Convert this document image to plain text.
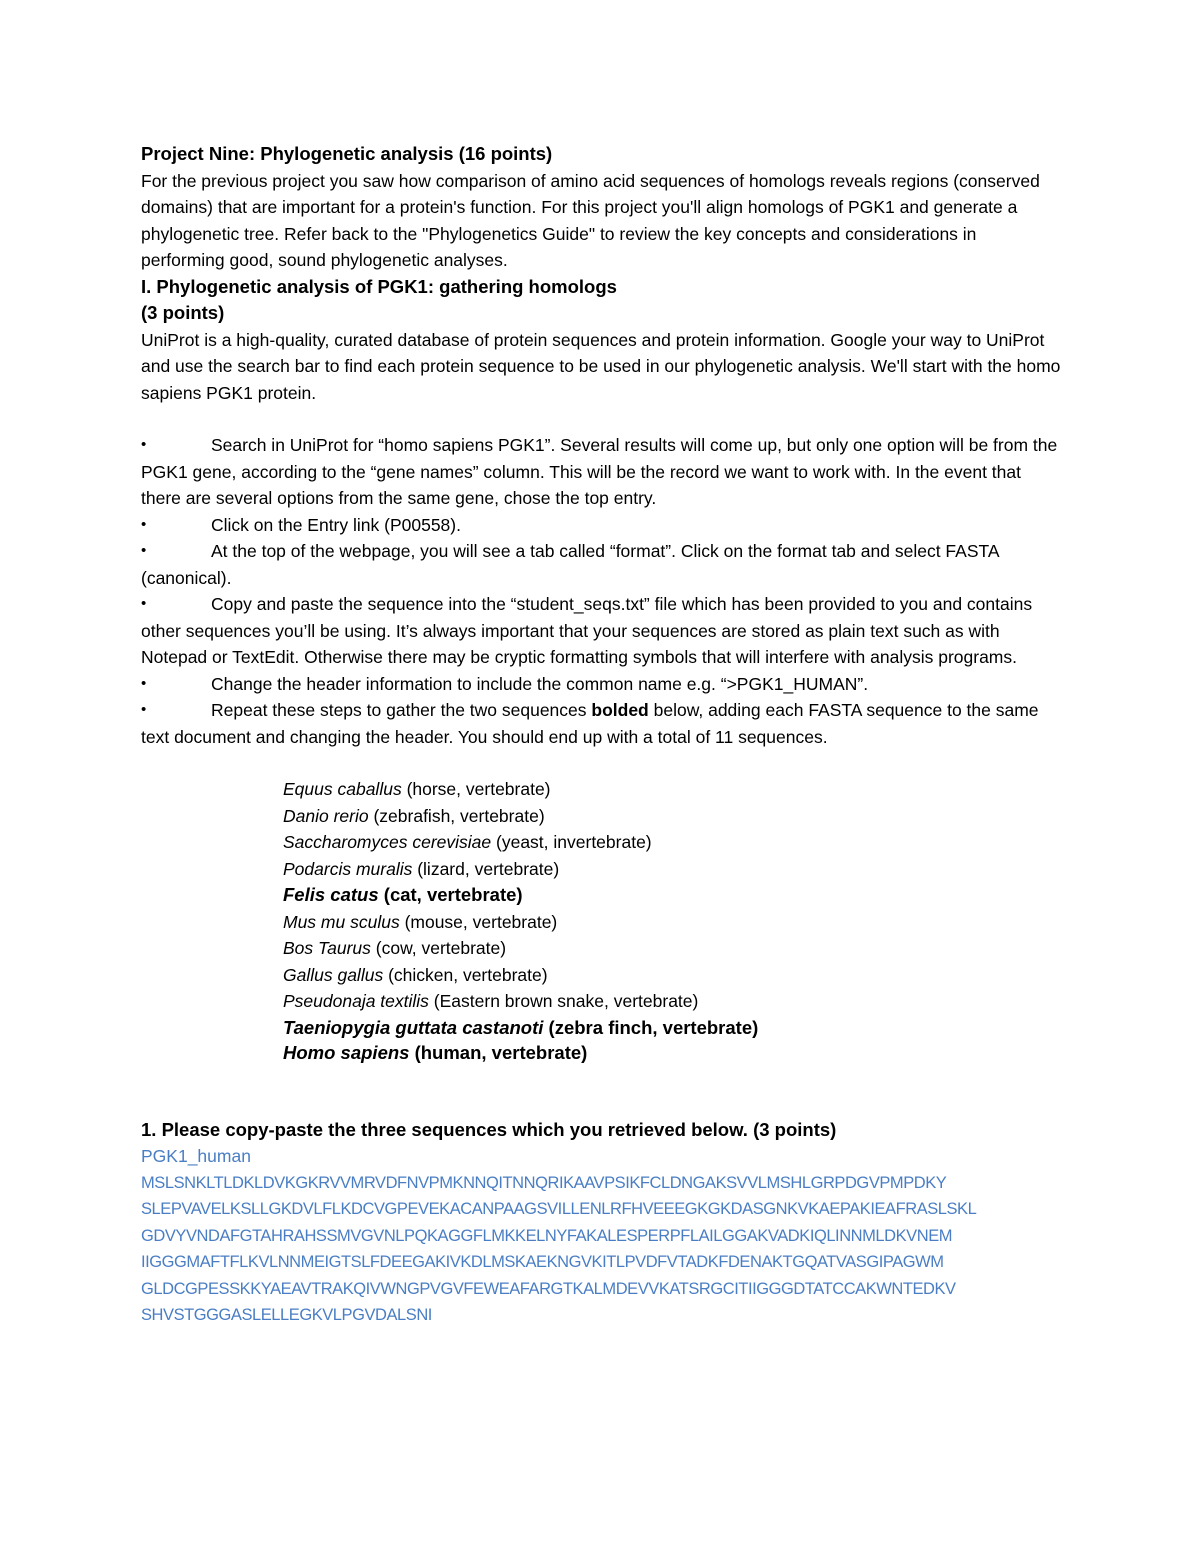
Project Nine: Phylogenetic analysis (16 points)

For the previous project you saw how comparison of amino acid sequences of homologs reveals regions (conserved domains) that are important for a protein's function. For this project you'll align homologs of PGK1 and generate a phylogenetic tree. Refer back to the "Phylogenetics Guide" to review the key concepts and considerations in performing good, sound phylogenetic analyses.

I. Phylogenetic analysis of PGK1: gathering homologs
(3 points)

UniProt is a high-quality, curated database of protein sequences and protein information. Google your way to UniProt and use the search bar to find each protein sequence to be used in our phylogenetic analysis. We'll start with the homo sapiens PGK1 protein.

•	Search in UniProt for “homo sapiens PGK1”. Several results will come up, but only one option will be from the PGK1 gene, according to the “gene names” column. This will be the record we want to work with. In the event that there are several options from the same gene, chose the top entry.
•	Click on the Entry link (P00558).
•	At the top of the webpage, you will see a tab called “format”. Click on the format tab and select FASTA (canonical).
•	Copy and paste the sequence into the “student_seqs.txt” file which has been provided to you and contains other sequences you’ll be using. It’s always important that your sequences are stored as plain text such as with Notepad or TextEdit. Otherwise there may be cryptic formatting symbols that will interfere with analysis programs.
•	Change the header information to include the common name e.g. “>PGK1_HUMAN”.
•	Repeat these steps to gather the two sequences bolded below, adding each FASTA sequence to the same text document and changing the header. You should end up with a total of 11 sequences.
Equus caballus (horse, vertebrate)
Danio rerio (zebrafish, vertebrate)
Saccharomyces cerevisiae (yeast, invertebrate)
Podarcis muralis (lizard, vertebrate)
Felis catus (cat, vertebrate)
Mus mu sculus (mouse, vertebrate)
Bos Taurus (cow, vertebrate)
Gallus gallus (chicken, vertebrate)
Pseudonaja textilis (Eastern brown snake, vertebrate)
Taeniopygia guttata castanoti (zebra finch, vertebrate)
Homo sapiens (human, vertebrate)
1. Please copy-paste the three sequences which you retrieved below. (3 points)
PGK1_human
MSLSNKLTLDKLDVKGKRVVMRVDFNVPMKNNQITNNQRIKAAVPSIKFCLDNGAKSVVLMSHLGRPDGVPMPDKY
SLEPVAVELKSLLGKDVLFLKDCVGPEVEKACANPAAGSVILLENLRFHVEEEGKGKDASGNKVKAEPAKIEAFRASLSKL
GDVYVNDAFGTAHRAHSSMVGVNLPQKAGGFLMKKELNYFAKALESPERPFLAILGGAKVADKIQLINNMLDKVNEM
IIGGGMAFTFLKVLNNMEIGTSLFDEEGAKIVKDLMSKAEKNGVKITLPVDFVTADKFDENAKTGQATVASGIPAGWM
GLDCGPESSKKYAEAVTRAKQIVWNGPVGVFEWEAFARGTKALMDEVVKATSRGCITIIGGGDTATCCAKWNTEDKV
SHVSTGGGASLELLEGKVLPGVDALSNI
